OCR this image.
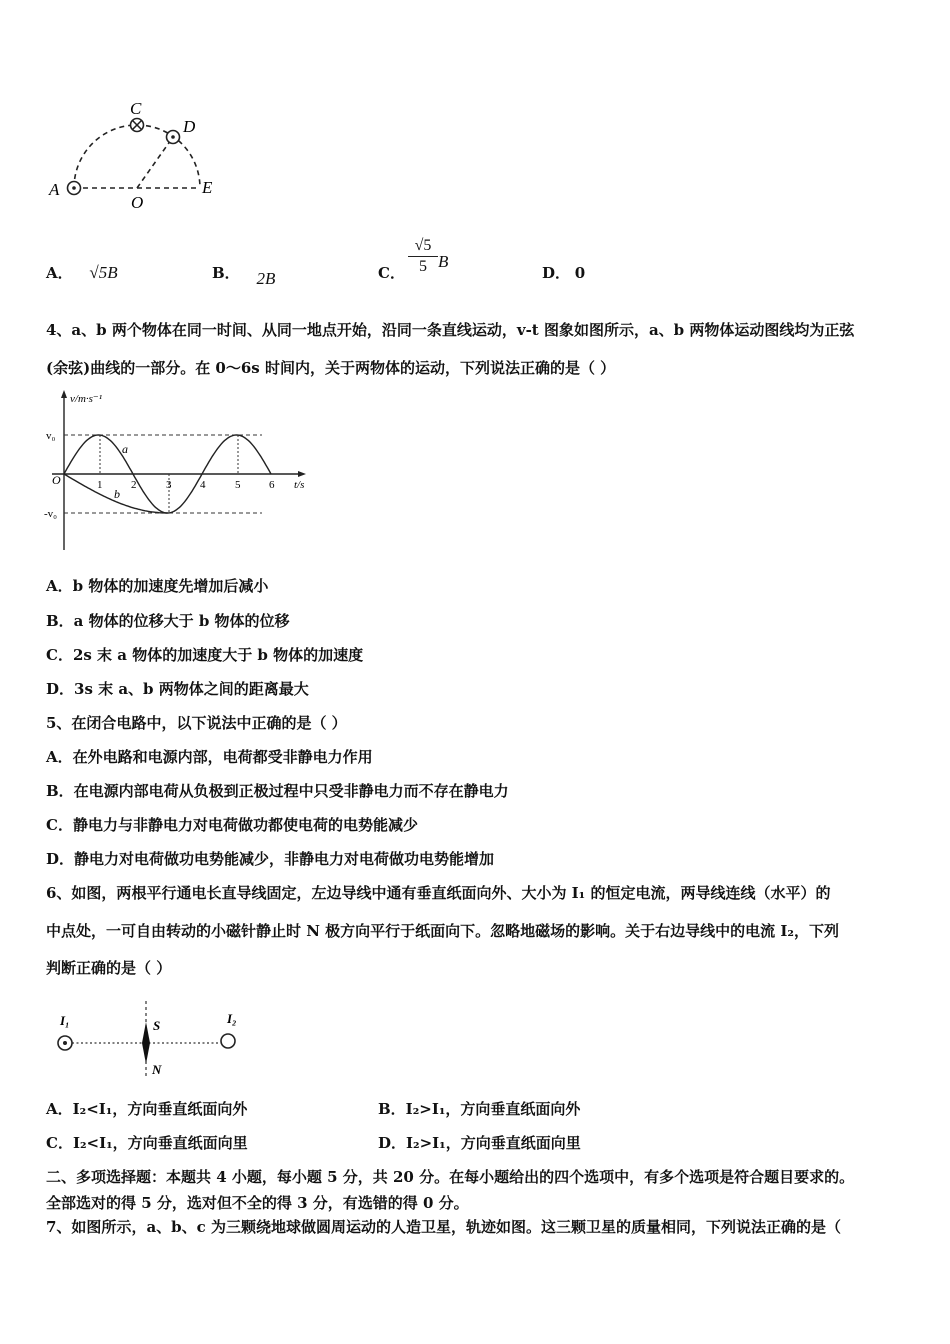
A
C
D
O
E
A． √5B	B． 2B	C．
√5
5 B
D． 0
4、a、b 两个物体在同一时间、从同一地点开始，沿同一条直线运动，v-t 图象如图所示，a、b 两物体运动图线均为正弦
(余弦)曲线的一部分。在 0～6s 时间内，关于两物体的运动，下列说法正确的是（ ）
v/m·s⁻¹
t/s
O
v₀
-v₀
a
b
1	2	3	4	5	6
A．b 物体的加速度先增加后减小
B．a 物体的位移大于 b 物体的位移
C．2s 末 a 物体的加速度大于 b 物体的加速度
D．3s 末 a、b 两物体之间的距离最大
5、在闭合电路中，以下说法中正确的是（ ）
A．在外电路和电源内部，电荷都受非静电力作用
B．在电源内部电荷从负极到正极过程中只受非静电力而不存在静电力
C．静电力与非静电力对电荷做功都使电荷的电势能减少
D．静电力对电荷做功电势能减少，非静电力对电荷做功电势能增加
6、如图，两根平行通电长直导线固定，左边导线中通有垂直纸面向外、大小为 I₁ 的恒定电流，两导线连线（水平）的
中点处，一可自由转动的小磁针静止时 N 极方向平行于纸面向下。忽略地磁场的影响。关于右边导线中的电流 I₂，下列
判断正确的是（ ）
I₁	I₂
S
N
A．I₂<I₁，方向垂直纸面向外	B．I₂>I₁，方向垂直纸面向外
C．I₂<I₁，方向垂直纸面向里	D．I₂>I₁，方向垂直纸面向里
二、多项选择题：本题共 4 小题，每小题 5 分，共 20 分。在每小题给出的四个选项中，有多个选项是符合题目要求的。
全部选对的得 5 分，选对但不全的得 3 分，有选错的得 0 分。
7、如图所示，a、b、c 为三颗绕地球做圆周运动的人造卫星，轨迹如图。这三颗卫星的质量相同，下列说法正确的是（
